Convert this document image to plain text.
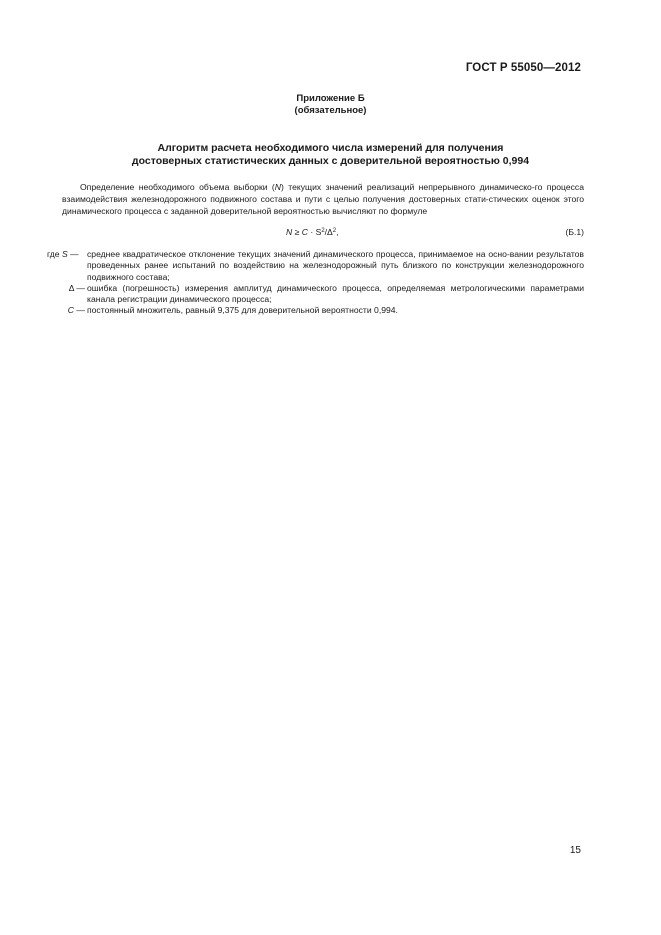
ГОСТ Р 55050—2012
Приложение Б
(обязательное)
Алгоритм расчета необходимого числа измерений для получения
достоверных статистических данных с доверительной вероятностью 0,994

Определение необходимого объема выборки (N) текущих значений реализаций непрерывного динамическо-го процесса взаимодействия железнодорожного подвижного состава и пути с целью получения достоверных стати-стических оценок этого динамического процесса с заданной доверительной вероятностью вычисляют по формуле

$N \ge C \cdot S^2/\Delta^2$,	(Б.1)
где S — среднее квадратическое отклонение текущих значений динамического процесса, принимаемое на осно-вании результатов проведенных ранее испытаний по воздействию на железнодорожный путь близкого по конструкции железнодорожного подвижного состава;
Δ — ошибка (погрешность) измерения амплитуд динамического процесса, определяемая метрологическими параметрами канала регистрации динамического процесса;
C — постоянный множитель, равный 9,375 для доверительной вероятности 0,994.
15
